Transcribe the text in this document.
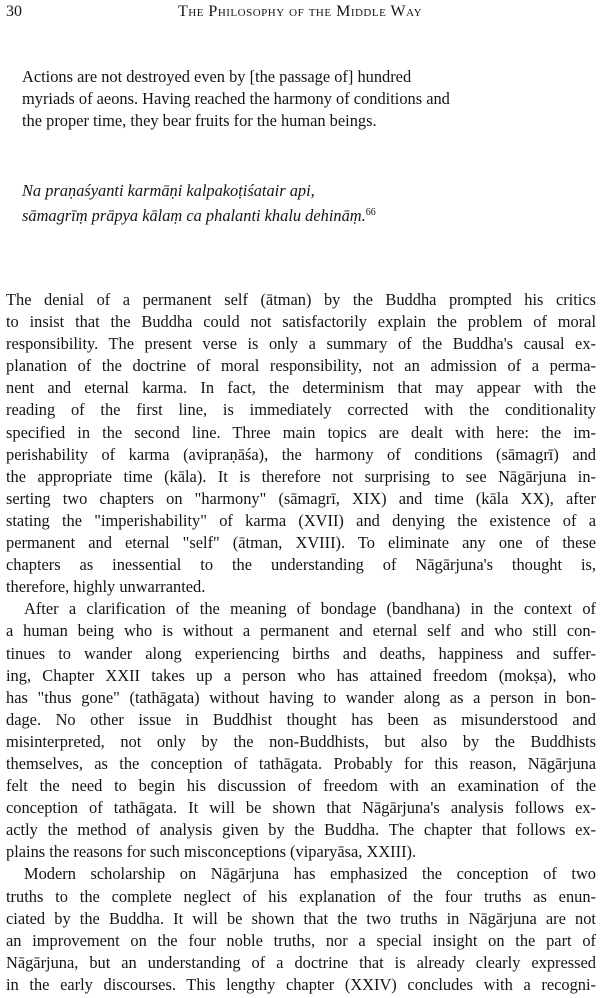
30	The Philosophy of the Middle Way
Actions are not destroyed even by [the passage of] hundred
myriads of aeons. Having reached the harmony of conditions and
the proper time, they bear fruits for the human beings.
Na praṇaśyanti karmāṇi kalpakoṭiśatair api,
sāmagrīṃ prāpya kālaṃ ca phalanti khalu dehināṃ.$^{66}$
The denial of a permanent self (ātman) by the Buddha prompted his critics
to insist that the Buddha could not satisfactorily explain the problem of moral
responsibility. The present verse is only a summary of the Buddha's causal ex-
planation of the doctrine of moral responsibility, not an admission of a perma-
nent and eternal karma. In fact, the determinism that may appear with the
reading of the first line, is immediately corrected with the conditionality
specified in the second line. Three main topics are dealt with here: the im-
perishability of karma (avipraṇāśa), the harmony of conditions (sāmagrī) and
the appropriate time (kāla). It is therefore not surprising to see Nāgārjuna in-
serting two chapters on "harmony" (sāmagrī, XIX) and time (kāla XX), after
stating the "imperishability" of karma (XVII) and denying the existence of a
permanent and eternal "self" (ātman, XVIII). To eliminate any one of these
chapters as inessential to the understanding of Nāgārjuna's thought is,
therefore, highly unwarranted.
After a clarification of the meaning of bondage (bandhana) in the context of
a human being who is without a permanent and eternal self and who still con-
tinues to wander along experiencing births and deaths, happiness and suffer-
ing, Chapter XXII takes up a person who has attained freedom (mokṣa), who
has "thus gone" (tathāgata) without having to wander along as a person in bon-
dage. No other issue in Buddhist thought has been as misunderstood and
misinterpreted, not only by the non-Buddhists, but also by the Buddhists
themselves, as the conception of tathāgata. Probably for this reason, Nāgārjuna
felt the need to begin his discussion of freedom with an examination of the
conception of tathāgata. It will be shown that Nāgārjuna's analysis follows ex-
actly the method of analysis given by the Buddha. The chapter that follows ex-
plains the reasons for such misconceptions (viparyāsa, XXIII).
Modern scholarship on Nāgārjuna has emphasized the conception of two
truths to the complete neglect of his explanation of the four truths as enun-
ciated by the Buddha. It will be shown that the two truths in Nāgārjuna are not
an improvement on the four noble truths, nor a special insight on the part of
Nāgārjuna, but an understanding of a doctrine that is already clearly expressed
in the early discourses. This lengthy chapter (XXIV) concludes with a recogni-
